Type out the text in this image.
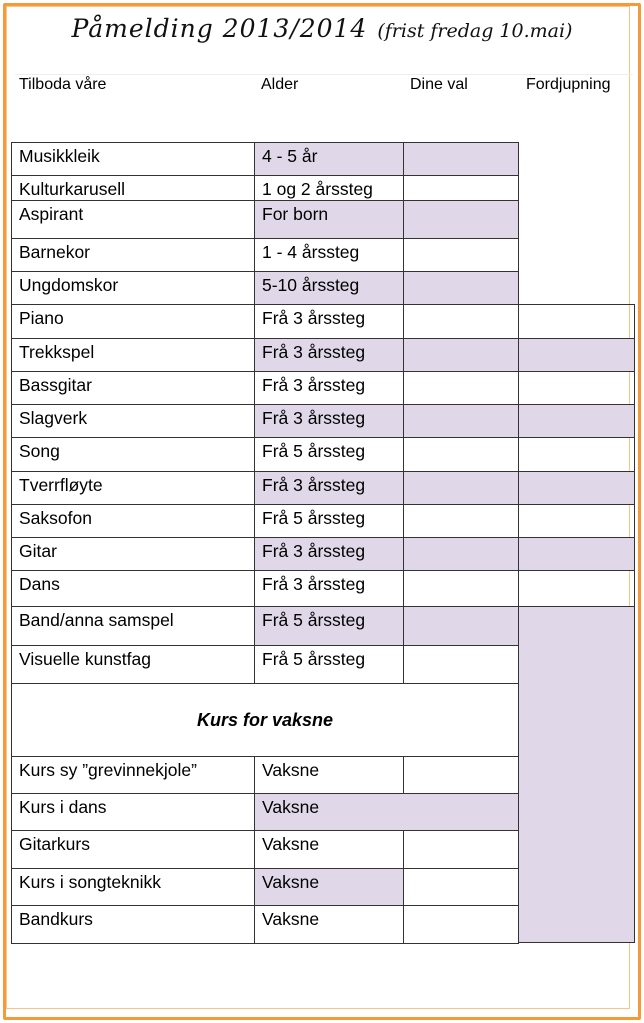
Påmelding 2013/2014 (frist fredag 10.mai)
Tilboda våre	Alder	Dine val	Fordjupning
Musikkleik	4 - 5 år
Kulturkarusell	1 og 2 årssteg
Aspirant	For born
Barnekor	1 - 4 årssteg
Ungdomskor	5-10 årssteg
Piano	Frå 3 årssteg
Trekkspel	Frå 3 årssteg
Bassgitar	Frå 3 årssteg
Slagverk	Frå 3 årssteg
Song	Frå 5 årssteg
Tverrfløyte	Frå 3 årssteg
Saksofon	Frå 5 årssteg
Gitar	Frå 3 årssteg
Dans	Frå 3 årssteg
Band/anna samspel	Frå 5 årssteg
Visuelle kunstfag	Frå 5 årssteg
Kurs for vaksne
Kurs sy ”grevinnekjole”	Vaksne
Kurs i dans	Vaksne
Gitarkurs	Vaksne
Kurs i songteknikk	Vaksne
Bandkurs	Vaksne
